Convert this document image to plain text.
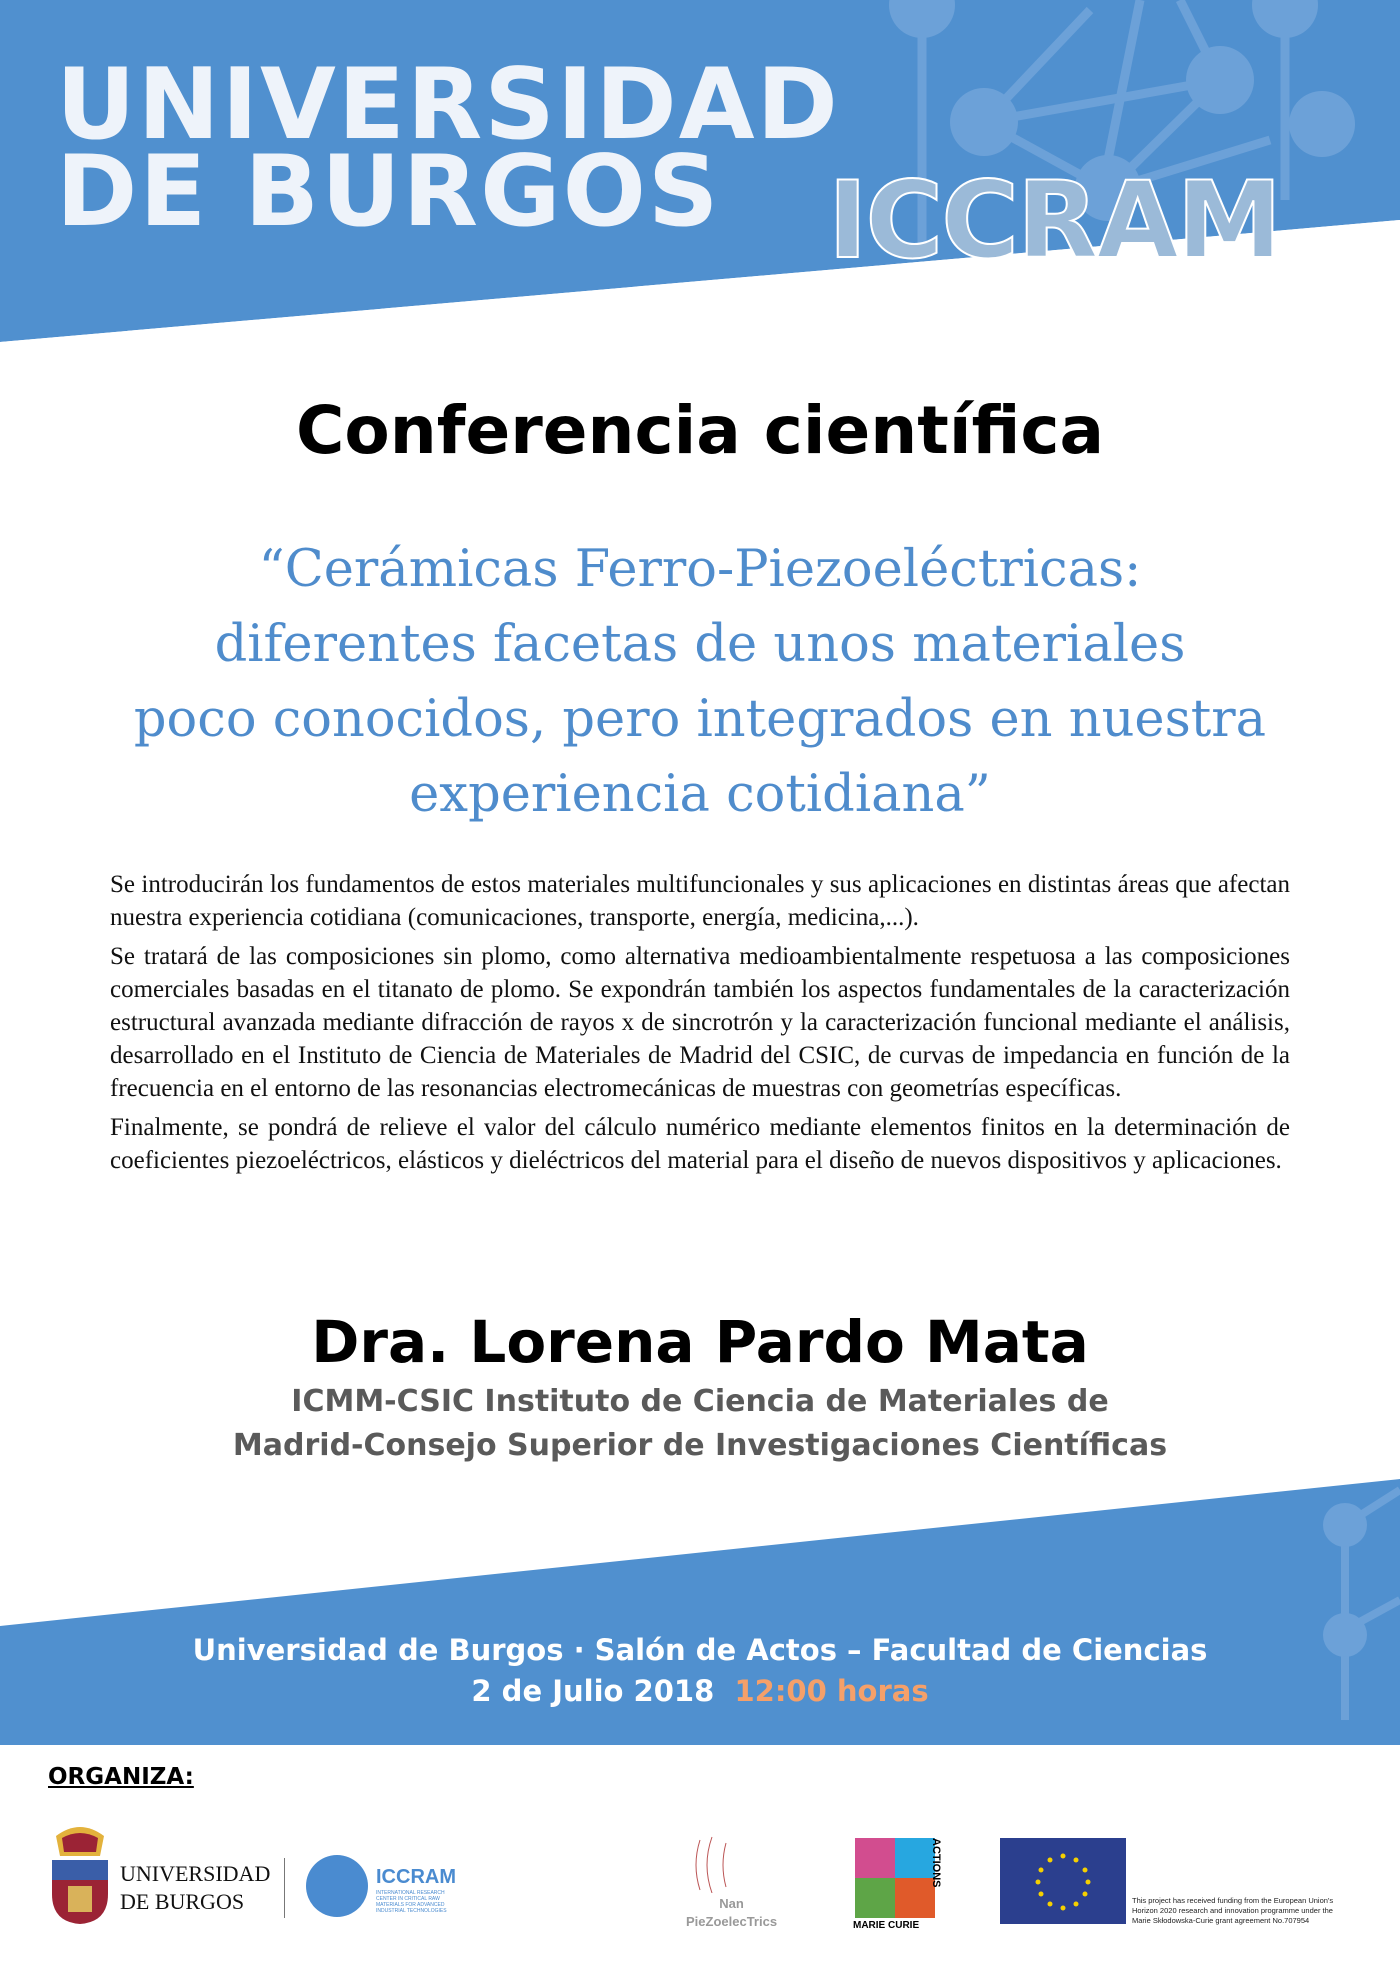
UNIVERSIDAD
DE BURGOS ICCRAM
Conferencia científica
“Cerámicas Ferro-Piezoeléctricas:
diferentes facetas de unos materiales
poco conocidos, pero integrados en nuestra
experiencia cotidiana”

Se introducirán los fundamentos de estos materiales multifuncionales y sus aplicaciones en distintas áreas que afectan nuestra experiencia cotidiana (comunicaciones, transporte, energía, medicina,...).

Se tratará de las composiciones sin plomo, como alternativa medioambientalmente respetuosa a las composiciones comerciales basadas en el titanato de plomo. Se expondrán también los aspectos fundamentales de la caracterización estructural avanzada mediante difracción de rayos x de sincrotrón y la caracterización funcional mediante el análisis, desarrollado en el Instituto de Ciencia de Materiales de Madrid del CSIC, de curvas de impedancia en función de la frecuencia en el entorno de las resonancias electromecánicas de muestras con geometrías específicas.

Finalmente, se pondrá de relieve el valor del cálculo numérico mediante elementos finitos en la determinación de coeficientes piezoeléctricos, elásticos y dieléctricos del material para el diseño de nuevos dispositivos y aplicaciones.

Dra. Lorena Pardo Mata
ICMM-CSIC Instituto de Ciencia de Materiales de
Madrid-Consejo Superior de Investigaciones Científicas
Universidad de Burgos · Salón de Actos – Facultad de Ciencias
2 de Julio 2018 12:00 horas
ORGANIZA:
UNIVERSIDAD
DE BURGOS
ICCRAM
INTERNATIONAL RESEARCH CENTER IN CRITICAL RAW MATERIALS FOR ADVANCED INDUSTRIAL TECHNOLOGIES	Nan
PieZoelecTrics	MARIE CURIE
ACTIONS
This project has received funding from the European Union's Horizon 2020 research and innovation programme under the Marie Skłodowska-Curie grant agreement No.707954
